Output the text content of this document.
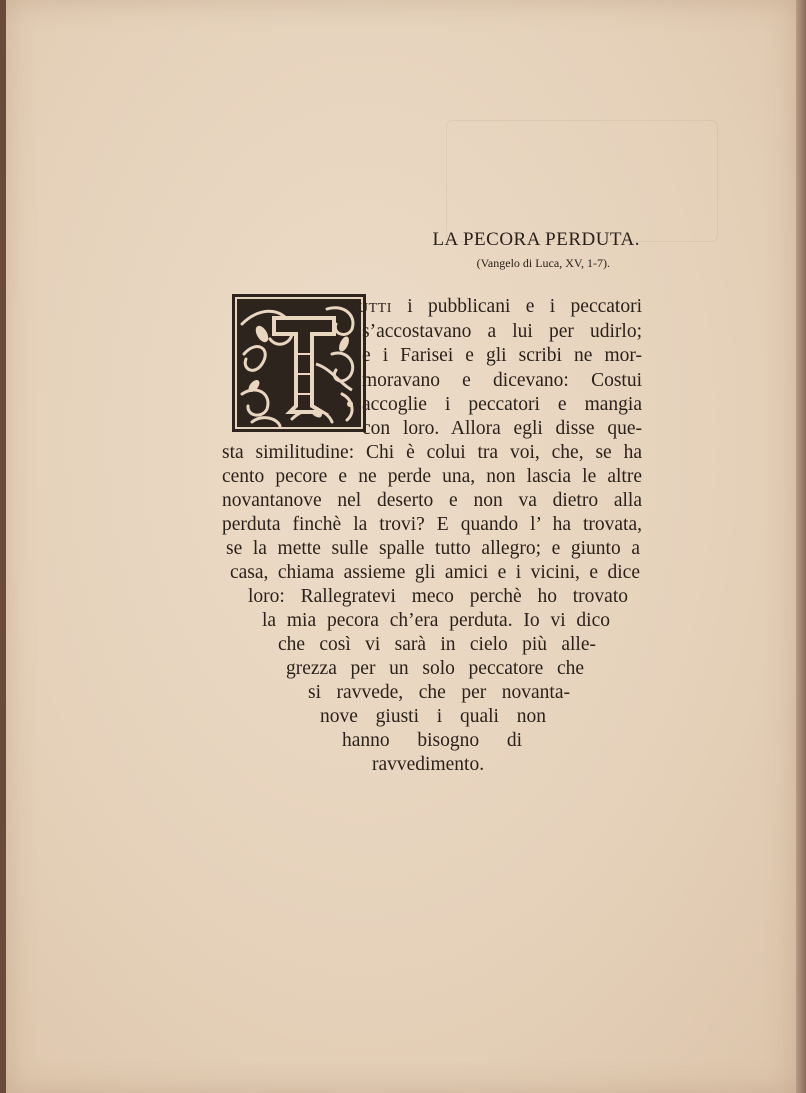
LA PECORA PERDUTA.

(Vangelo di Luca, XV, 1-7).

utti i pubblicani e i peccatori

s’accostavano a lui per udirlo;

e i Farisei e gli scribi ne mor-

moravano e dicevano: Costui

accoglie i peccatori e mangia

con loro. Allora egli disse que-

sta similitudine: Chi è colui tra voi, che, se ha

cento pecore e ne perde una, non lascia le altre

novantanove nel deserto e non va dietro alla

perduta finchè la trovi? E quando l’ ha trovata,

se la mette sulle spalle tutto allegro; e giunto a

casa, chiama assieme gli amici e i vicini, e dice

loro: Rallegratevi meco perchè ho trovato

la mia pecora ch’era perduta. Io vi dico

che così vi sarà in cielo più alle-

grezza per un solo peccatore che

si ravvede, che per novanta-

nove giusti i quali non

hanno bisogno di

ravvedimento.
